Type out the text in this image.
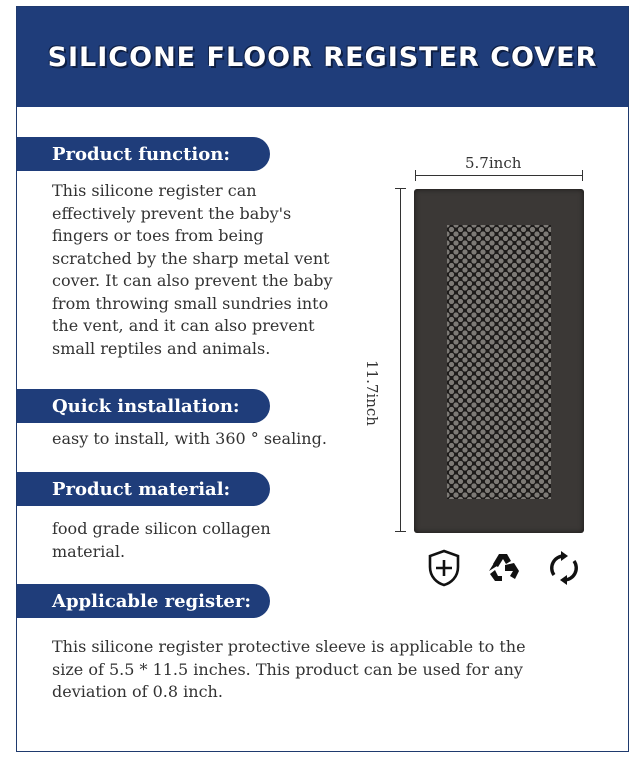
SILICONE FLOOR REGISTER COVER
Product function:
This silicone register can
effectively prevent the baby's
fingers or toes from being
scratched by the sharp metal vent
cover. It can also prevent the baby
from throwing small sundries into
the vent, and it can also prevent
small reptiles and animals.
Quick installation:
easy to install, with 360 ° sealing.
Product material:
food grade silicon collagen
material.
Applicable register:
This silicone register protective sleeve is applicable to the
size of 5.5 * 11.5 inches. This product can be used for any
deviation of 0.8 inch.
5.7inch
11.7inch
